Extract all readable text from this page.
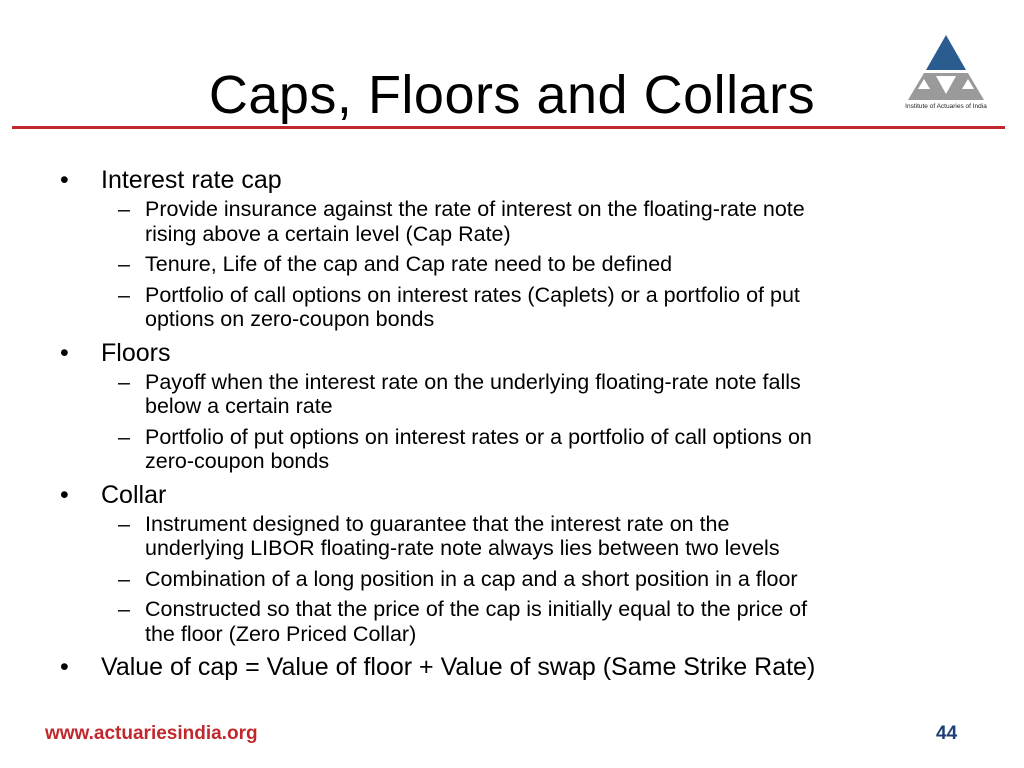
Caps, Floors and Collars	Institute of Actuaries of India
• Interest rate cap
– Provide insurance against the rate of interest on the floating-rate note
rising above a certain level (Cap Rate)
– Tenure, Life of the cap and Cap rate need to be defined
– Portfolio of call options on interest rates (Caplets) or a portfolio of put
options on zero-coupon bonds
• Floors
– Payoff when the interest rate on the underlying floating-rate note falls
below a certain rate
– Portfolio of put options on interest rates or a portfolio of call options on
zero-coupon bonds
• Collar
– Instrument designed to guarantee that the interest rate on the
underlying LIBOR floating-rate note always lies between two levels
– Combination of a long position in a cap and a short position in a floor
– Constructed so that the price of the cap is initially equal to the price of
the floor (Zero Priced Collar)
• Value of cap = Value of floor + Value of swap (Same Strike Rate)
www.actuariesindia.org	44
